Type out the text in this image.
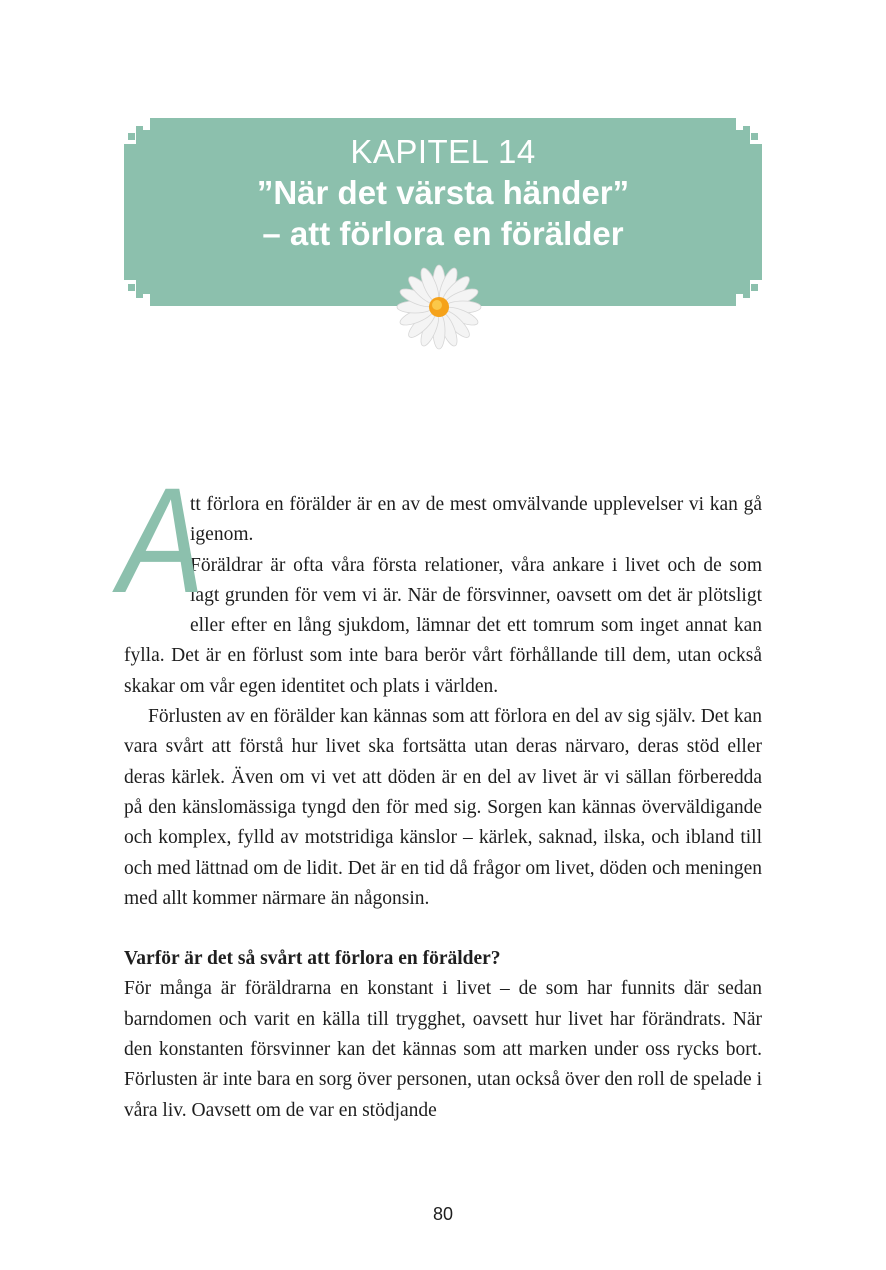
KAPITEL 14
”När det värsta händer”
– att förlora en förälder
A

tt förlora en förälder är en av de mest omvälvande upplevelser vi kan gå igenom.

Föräldrar är ofta våra första relationer, våra ankare i livet och de som lagt grunden för vem vi är. När de försvinner, oavsett om det är plötsligt eller efter en lång sjukdom, lämnar det ett tomrum som inget annat kan fylla. Det är en förlust som inte bara berör vårt förhållande till dem, utan också skakar om vår egen identitet och plats i världen.

Förlusten av en förälder kan kännas som att förlora en del av sig själv. Det kan vara svårt att förstå hur livet ska fortsätta utan deras närvaro, deras stöd eller deras kärlek. Även om vi vet att döden är en del av livet är vi sällan förberedda på den känslomässiga tyngd den för med sig. Sorgen kan kännas överväldigande och komplex, fylld av motstridiga känslor – kärlek, saknad, ilska, och ibland till och med lättnad om de lidit. Det är en tid då frågor om livet, döden och meningen med allt kommer närmare än någonsin.

Varför är det så svårt att förlora en förälder?

För många är föräldrarna en konstant i livet – de som har funnits där sedan barndomen och varit en källa till trygghet, oavsett hur livet har förändrats. När den konstanten försvinner kan det kännas som att marken under oss rycks bort. Förlusten är inte bara en sorg över personen, utan också över den roll de spelade i våra liv. Oavsett om de var en stödjande

80
